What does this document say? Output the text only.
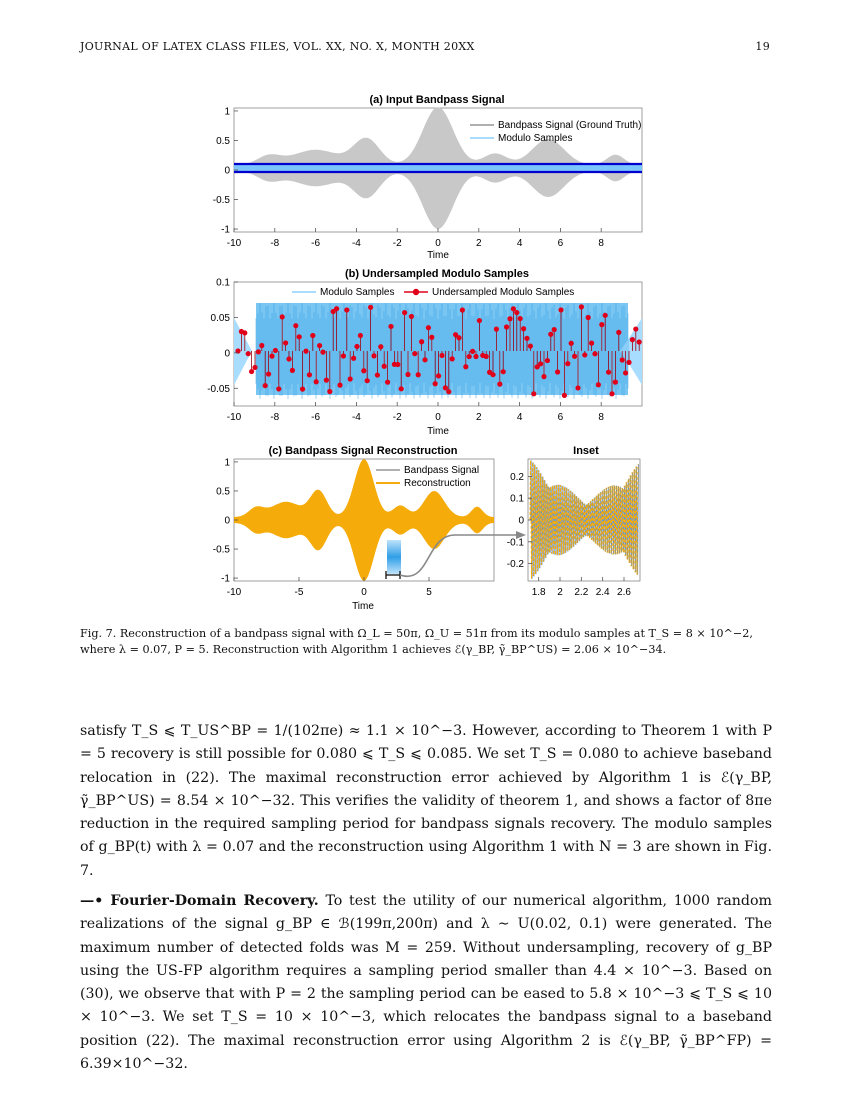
JOURNAL OF LATEX CLASS FILES, VOL. XX, NO. X, MONTH 20XX	19
(a) Input Bandpass Signal
1
0.5
0
-0.5
-1
-10	-8	-6	-4	-2	0	2	4	6	8
Time
Bandpass Signal (Ground Truth)
Modulo Samples
(b) Undersampled Modulo Samples
0.1
0.05
0
-0.05
-10	-8	-6	-4	-2	0	2	4	6	8
Time
Modulo Samples	Undersampled Modulo Samples
(c) Bandpass Signal Reconstruction
1
0.5
0
-0.5
-1
-10	-5	0	5
Time
Bandpass Signal
Reconstruction
Inset
0.2
0.1
0
-0.1
-0.2
1.8 2 2.2 2.4 2.6
Fig. 7. Reconstruction of a bandpass signal with Ω_L = 50π, Ω_U = 51π from its modulo samples at T_S = 8 × 10^−2, where λ = 0.07, P = 5. Reconstruction with Algorithm 1 achieves ℰ(γ_BP, γ̃_BP^US) = 2.06 × 10^−34.
satisfy T_S ⩽ T_US^BP = 1/(102πe) ≈ 1.1 × 10^−3. However, according to Theorem 1 with P = 5 recovery is still possible for 0.080 ⩽ T_S ⩽ 0.085. We set T_S = 0.080 to achieve baseband relocation in (22). The maximal reconstruction error achieved by Algorithm 1 is ℰ(γ_BP, γ̃_BP^US) = 8.54 × 10^−32. This verifies the validity of theorem 1, and shows a factor of 8πe reduction in the required sampling period for bandpass signals recovery. The modulo samples of g_BP(t) with λ = 0.07 and the reconstruction using Algorithm 1 with N = 3 are shown in Fig. 7.
—• Fourier-Domain Recovery. To test the utility of our numerical algorithm, 1000 random realizations of the signal g_BP ∈ ℬ(199π,200π) and λ ∼ U(0.02, 0.1) were generated. The maximum number of detected folds was M = 259. Without undersampling, recovery of g_BP using the US-FP algorithm requires a sampling period smaller than 4.4 × 10^−3. Based on (30), we observe that with P = 2 the sampling period can be eased to 5.8 × 10^−3 ⩽ T_S ⩽ 10 × 10^−3. We set T_S = 10 × 10^−3, which relocates the bandpass signal to a baseband position (22). The maximal reconstruction error using Algorithm 2 is ℰ(γ_BP, γ̃_BP^FP) = 6.39×10^−32.
